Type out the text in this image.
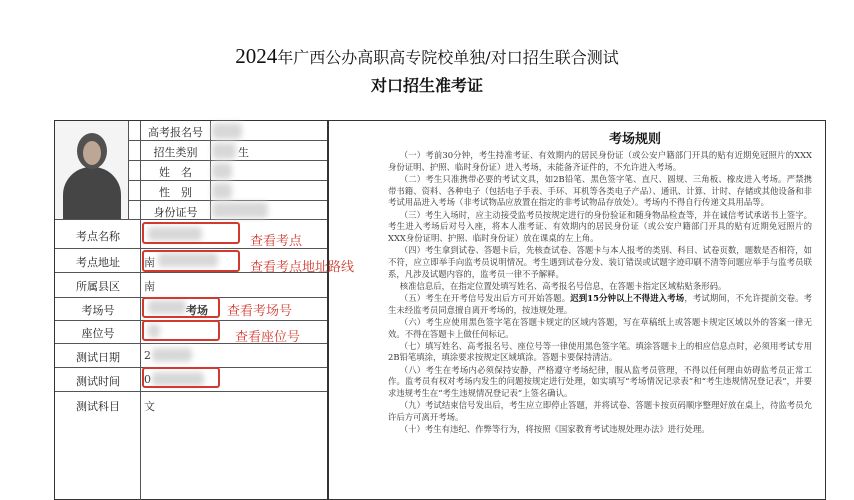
2024年广西公办高职高专院校单独/对口招生联合测试
对口招生准考证
高考报名号
招生类别
姓　名
性　别
身份证号
生
考点名称
考点地址
所属县区
考场号
座位号
测试日期
测试时间
测试科目
南
南
考场
2
0
文
查看考点
查看考点地址路线
查看考场号
查看座位号
考场规则

（一）考前30分钟，考生持准考证、有效期内的居民身份证（或公安户籍部门开具的贴有近期免冠照片的XXX身份证明、护照、临时身份证）进入考场，未能备齐证件的，不允许进入考场。

（二）考生只准携带必要的考试文具，如2B铅笔、黑色签字笔、直尺、圆规、三角板、橡皮进入考场。严禁携带书籍、资料、各种电子（包括电子手表、手环、耳机等各类电子产品）、通讯、计算、计时、存储或其他设备和非考试用品进入考场（非考试物品应放置在指定的非考试物品存放处）。考场内不得自行传递文具用品等。

（三）考生入场时，应主动接受监考员按规定进行的身份验证和随身物品检查等，并在诚信考试承诺书上签字。考生进入考场后对号入座，将本人准考证、有效期内的居民身份证（或公安户籍部门开具的贴有近期免冠照片的XXX身份证明、护照、临时身份证）放在课桌的左上角。

（四）考生拿到试卷、答题卡后，先核查试卷、答题卡与本人报考的类别、科目、试卷页数，题数是否相符，如不符，应立即举手向监考员说明情况。考生遇到试卷分发、装订错误或试题字迹印刷不清等问题应举手与监考员联系，凡涉及试题内容的，监考员一律不予解释。

核准信息后，在指定位置处填写姓名、高考报名号信息，在答题卡指定区域粘贴条形码。

（五）考生在开考信号发出后方可开始答题。迟到15分钟以上不得进入考场，考试期间，不允许提前交卷。考生未经监考员同意擅自离开考场的，按违规处理。

（六）考生应使用黑色签字笔在答题卡规定的区域内答题，写在草稿纸上或答题卡规定区域以外的答案一律无效。不得在答题卡上做任何标记。

（七）填写姓名、高考报名号、座位号等一律使用黑色签字笔。填涂答题卡上的相应信息点时，必须用考试专用2B铅笔填涂，填涂要求按规定区域填涂。答题卡要保持清洁。

（八）考生在考场内必须保持安静，严格遵守考场纪律，服从监考员管理，不得以任何理由妨碍监考员正常工作。监考员有权对考场内发生的问题按规定进行处理，如实填写“考场情况记录表”和“考生违规情况登记表”，并要求违规考生在“考生违规情况登记表”上签名确认。

（九）考试结束信号发出后，考生应立即停止答题，并将试卷、答题卡按页码顺序整理好放在桌上，待监考员允许后方可离开考场。

（十）考生有违纪、作弊等行为，将按照《国家教育考试违规处理办法》进行处理。
